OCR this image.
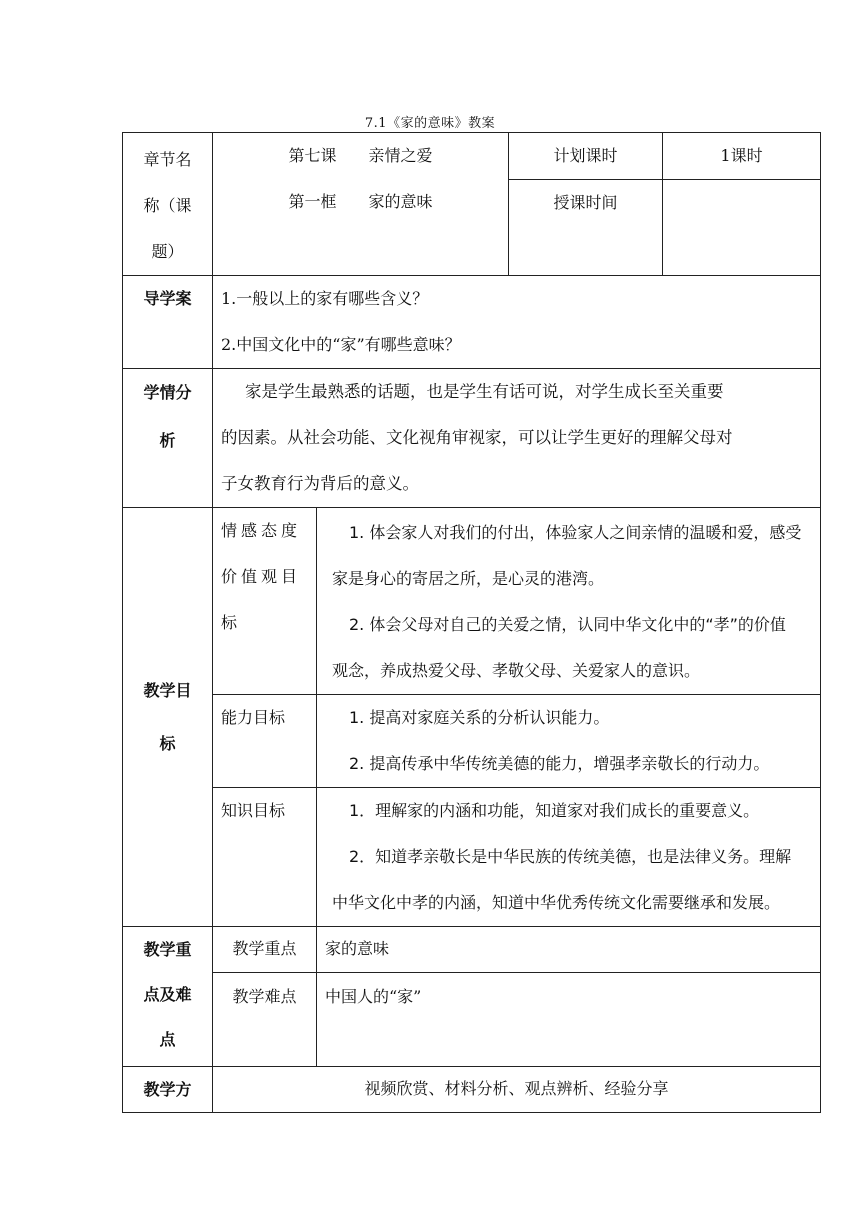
7.1《家的意味》教案
章节名
称（课
题）	第七课　　亲情之爱
第一框　　家的意味		计划课时	1课时
			授课时间	
导学案	1.一般以上的家有哪些含义？
2.中国文化中的“家”有哪些意味？			

学情分
析	家是学生最熟悉的话题，也是学生有话可说，对学生成长至关重要
的因素。从社会功能、文化视角审视家，可以让学生更好的理解父母对
子女教育行为背后的意义。			

教学目
标	情感态度
价值观目
标	1. 体会家人对我们的付出，体验家人之间亲情的温暖和爱，感受
家是身心的寄居之所，是心灵的港湾。
2. 体会父母对自己的关爱之情，认同中华文化中的“孝”的价值
观念，养成热爱父母、孝敬父母、关爱家人的意识。		

	能力目标	1. 提高对家庭关系的分析认识能力。
2. 提高传承中华传统美德的能力，增强孝亲敬长的行动力。		

	知识目标	1．理解家的内涵和功能，知道家对我们成长的重要意义。
2．知道孝亲敬长是中华民族的传统美德，也是法律义务。理解
中华文化中孝的内涵，知道中华优秀传统文化需要继承和发展。		

教学重
点及难
点	教学重点	家的意味		
	教学难点	中国人的“家”		
教学方	视频欣赏、材料分析、观点辨析、经验分享			
